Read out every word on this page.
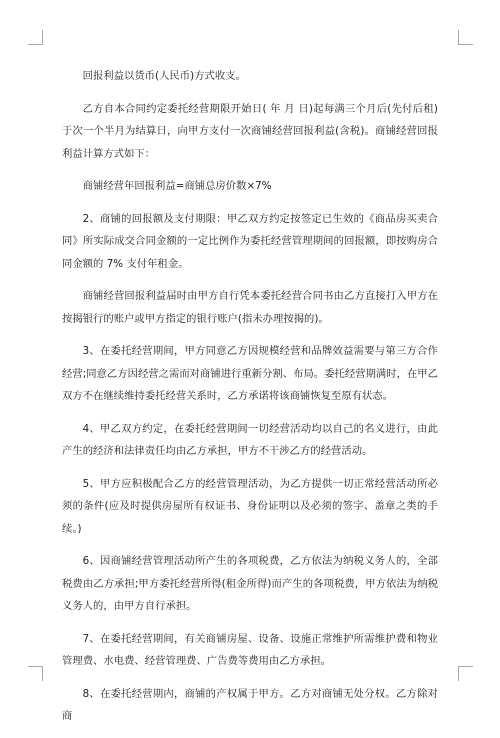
回报利益以货币(人民币)方式收支。

乙方自本合同约定委托经营期限开始日( 年 月 日)起每满三个月后(先付后租)于次一个半月为结算日，向甲方支付一次商铺经营回报利益(含税)。商铺经营回报利益计算方式如下：

商铺经营年回报利益=商铺总房价数×7%

2、商铺的回报额及支付期限：甲乙双方约定按签定已生效的《商品房买卖合同》所实际成交合同金额的一定比例作为委托经营管理期间的回报额，即按购房合同金额的 7% 支付年租金。

商铺经营回报利益届时由甲方自行凭本委托经营合同书由乙方直接打入甲方在按揭银行的账户或甲方指定的银行账户(指未办理按揭的)。

3、在委托经营期间，甲方同意乙方因规模经营和品牌效益需要与第三方合作经营;同意乙方因经营之需而对商铺进行重新分割、布局。委托经营期满时，在甲乙双方不在继续维持委托经营关系时，乙方承诺将该商铺恢复至原有状态。

4、甲乙双方约定，在委托经营期间一切经营活动均以自己的名义进行，由此产生的经济和法律责任均由乙方承担，甲方不干涉乙方的经营活动。

5、甲方应积极配合乙方的经营管理活动，为乙方提供一切正常经营活动所必须的条件(应及时提供房屋所有权证书、身份证明以及必须的签字、盖章之类的手续。)

6、因商铺经营管理活动所产生的各项税费，乙方依法为纳税义务人的，全部税费由乙方承担;甲方委托经营所得(租金所得)而产生的各项税费，甲方依法为纳税义务人的，由甲方自行承担。

7、在委托经营期间，有关商铺房屋、设备、设施正常维护所需维护费和物业管理费、水电费、经营管理费、广告费等费用由乙方承担。

8、在委托经营期内，商铺的产权属于甲方。乙方对商铺无处分权。乙方除对商
